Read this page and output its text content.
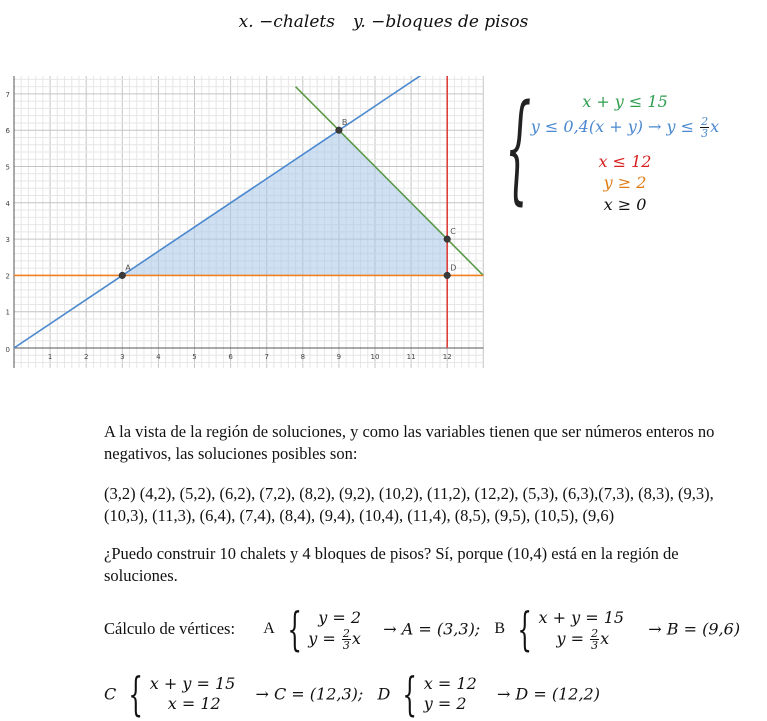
x. −chalets y. −bloques de pisos
1	2	3	4	5	6	7	8	9	10	11	12
1
2
3
4
5
6
7
0
A
B
C
D
{	x + y ≤ 15
$y \le 0,4(x + y) \to y \le \frac{2}{3}$ x
x ≤ 12
y ≥ 2
x ≥ 0
A la vista de la región de soluciones, y como las variables tienen que ser números enteros no negativos, las soluciones posibles son:
(3,2) (4,2), (5,2), (6,2), (7,2), (8,2), (9,2), (10,2), (11,2), (12,2), (5,3), (6,3),(7,3), (8,3), (9,3),(10,3), (11,3), (6,4), (7,4), (8,4), (9,4), (10,4), (11,4), (8,5), (9,5), (10,5), (9,6)
¿Puedo construir 10 chalets y 4 bloques de pisos? Sí, porque (10,4) está en la región de soluciones.
Cálculo de vértices: A {	y = 2
$y = \frac{2}{3}$ x → A = (3,3); B { x + y = 15
$y = \frac{2}{3}$ x	→ B = (9,6)
C { x + y = 15
x = 12	→ C = (12,3); D { x = 12
y = 2	→ D = (12,2)
